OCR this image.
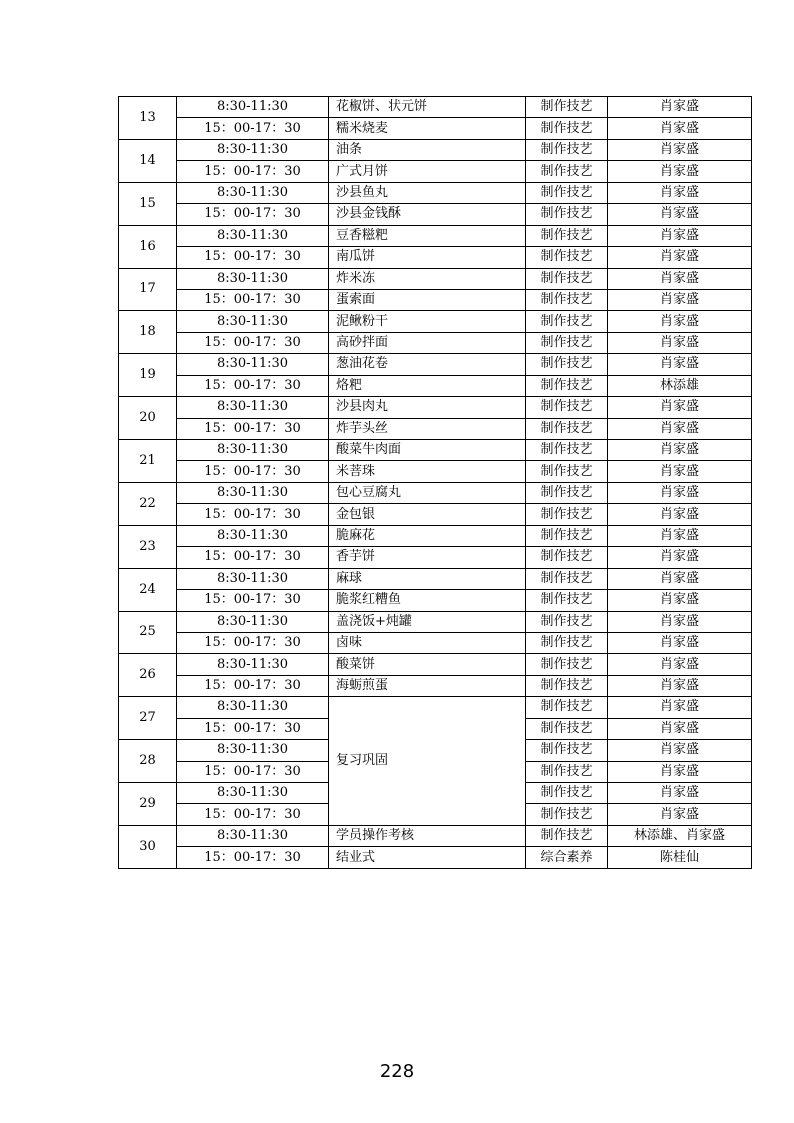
13	8:30-11:30	花椒饼、状元饼	制作技艺	肖家盛
	15：00-17：30	糯米烧麦	制作技艺	肖家盛
14	8:30-11:30	油条	制作技艺	肖家盛
	15：00-17：30	广式月饼	制作技艺	肖家盛
15	8:30-11:30	沙县鱼丸	制作技艺	肖家盛
	15：00-17：30	沙县金钱酥	制作技艺	肖家盛
16	8:30-11:30	豆香糍粑	制作技艺	肖家盛
	15：00-17：30	南瓜饼	制作技艺	肖家盛
17	8:30-11:30	炸米冻	制作技艺	肖家盛
	15：00-17：30	蛋索面	制作技艺	肖家盛
18	8:30-11:30	泥鳅粉干	制作技艺	肖家盛
	15：00-17：30	高砂拌面	制作技艺	肖家盛
19	8:30-11:30	葱油花卷	制作技艺	肖家盛
	15：00-17：30	烙粑	制作技艺	林添雄
20	8:30-11:30	沙县肉丸	制作技艺	肖家盛
	15：00-17：30	炸芋头丝	制作技艺	肖家盛
21	8:30-11:30	酸菜牛肉面	制作技艺	肖家盛
	15：00-17：30	米菩珠	制作技艺	肖家盛
22	8:30-11:30	包心豆腐丸	制作技艺	肖家盛
	15：00-17：30	金包银	制作技艺	肖家盛
23	8:30-11:30	脆麻花	制作技艺	肖家盛
	15：00-17：30	香芋饼	制作技艺	肖家盛
24	8:30-11:30	麻球	制作技艺	肖家盛
	15：00-17：30	脆浆红糟鱼	制作技艺	肖家盛
25	8:30-11:30	盖浇饭+炖罐	制作技艺	肖家盛
	15：00-17：30	卤味	制作技艺	肖家盛
26	8:30-11:30	酸菜饼	制作技艺	肖家盛
	15：00-17：30	海蛎煎蛋	制作技艺	肖家盛
27	8:30-11:30	复习巩固	制作技艺	肖家盛
	15：00-17：30		制作技艺	肖家盛
28	8:30-11:30		制作技艺	肖家盛
	15：00-17：30		制作技艺	肖家盛
29	8:30-11:30		制作技艺	肖家盛
	15：00-17：30		制作技艺	肖家盛
30	8:30-11:30	学员操作考核	制作技艺	林添雄、肖家盛
	15：00-17：30	结业式	综合素养	陈桂仙
228
